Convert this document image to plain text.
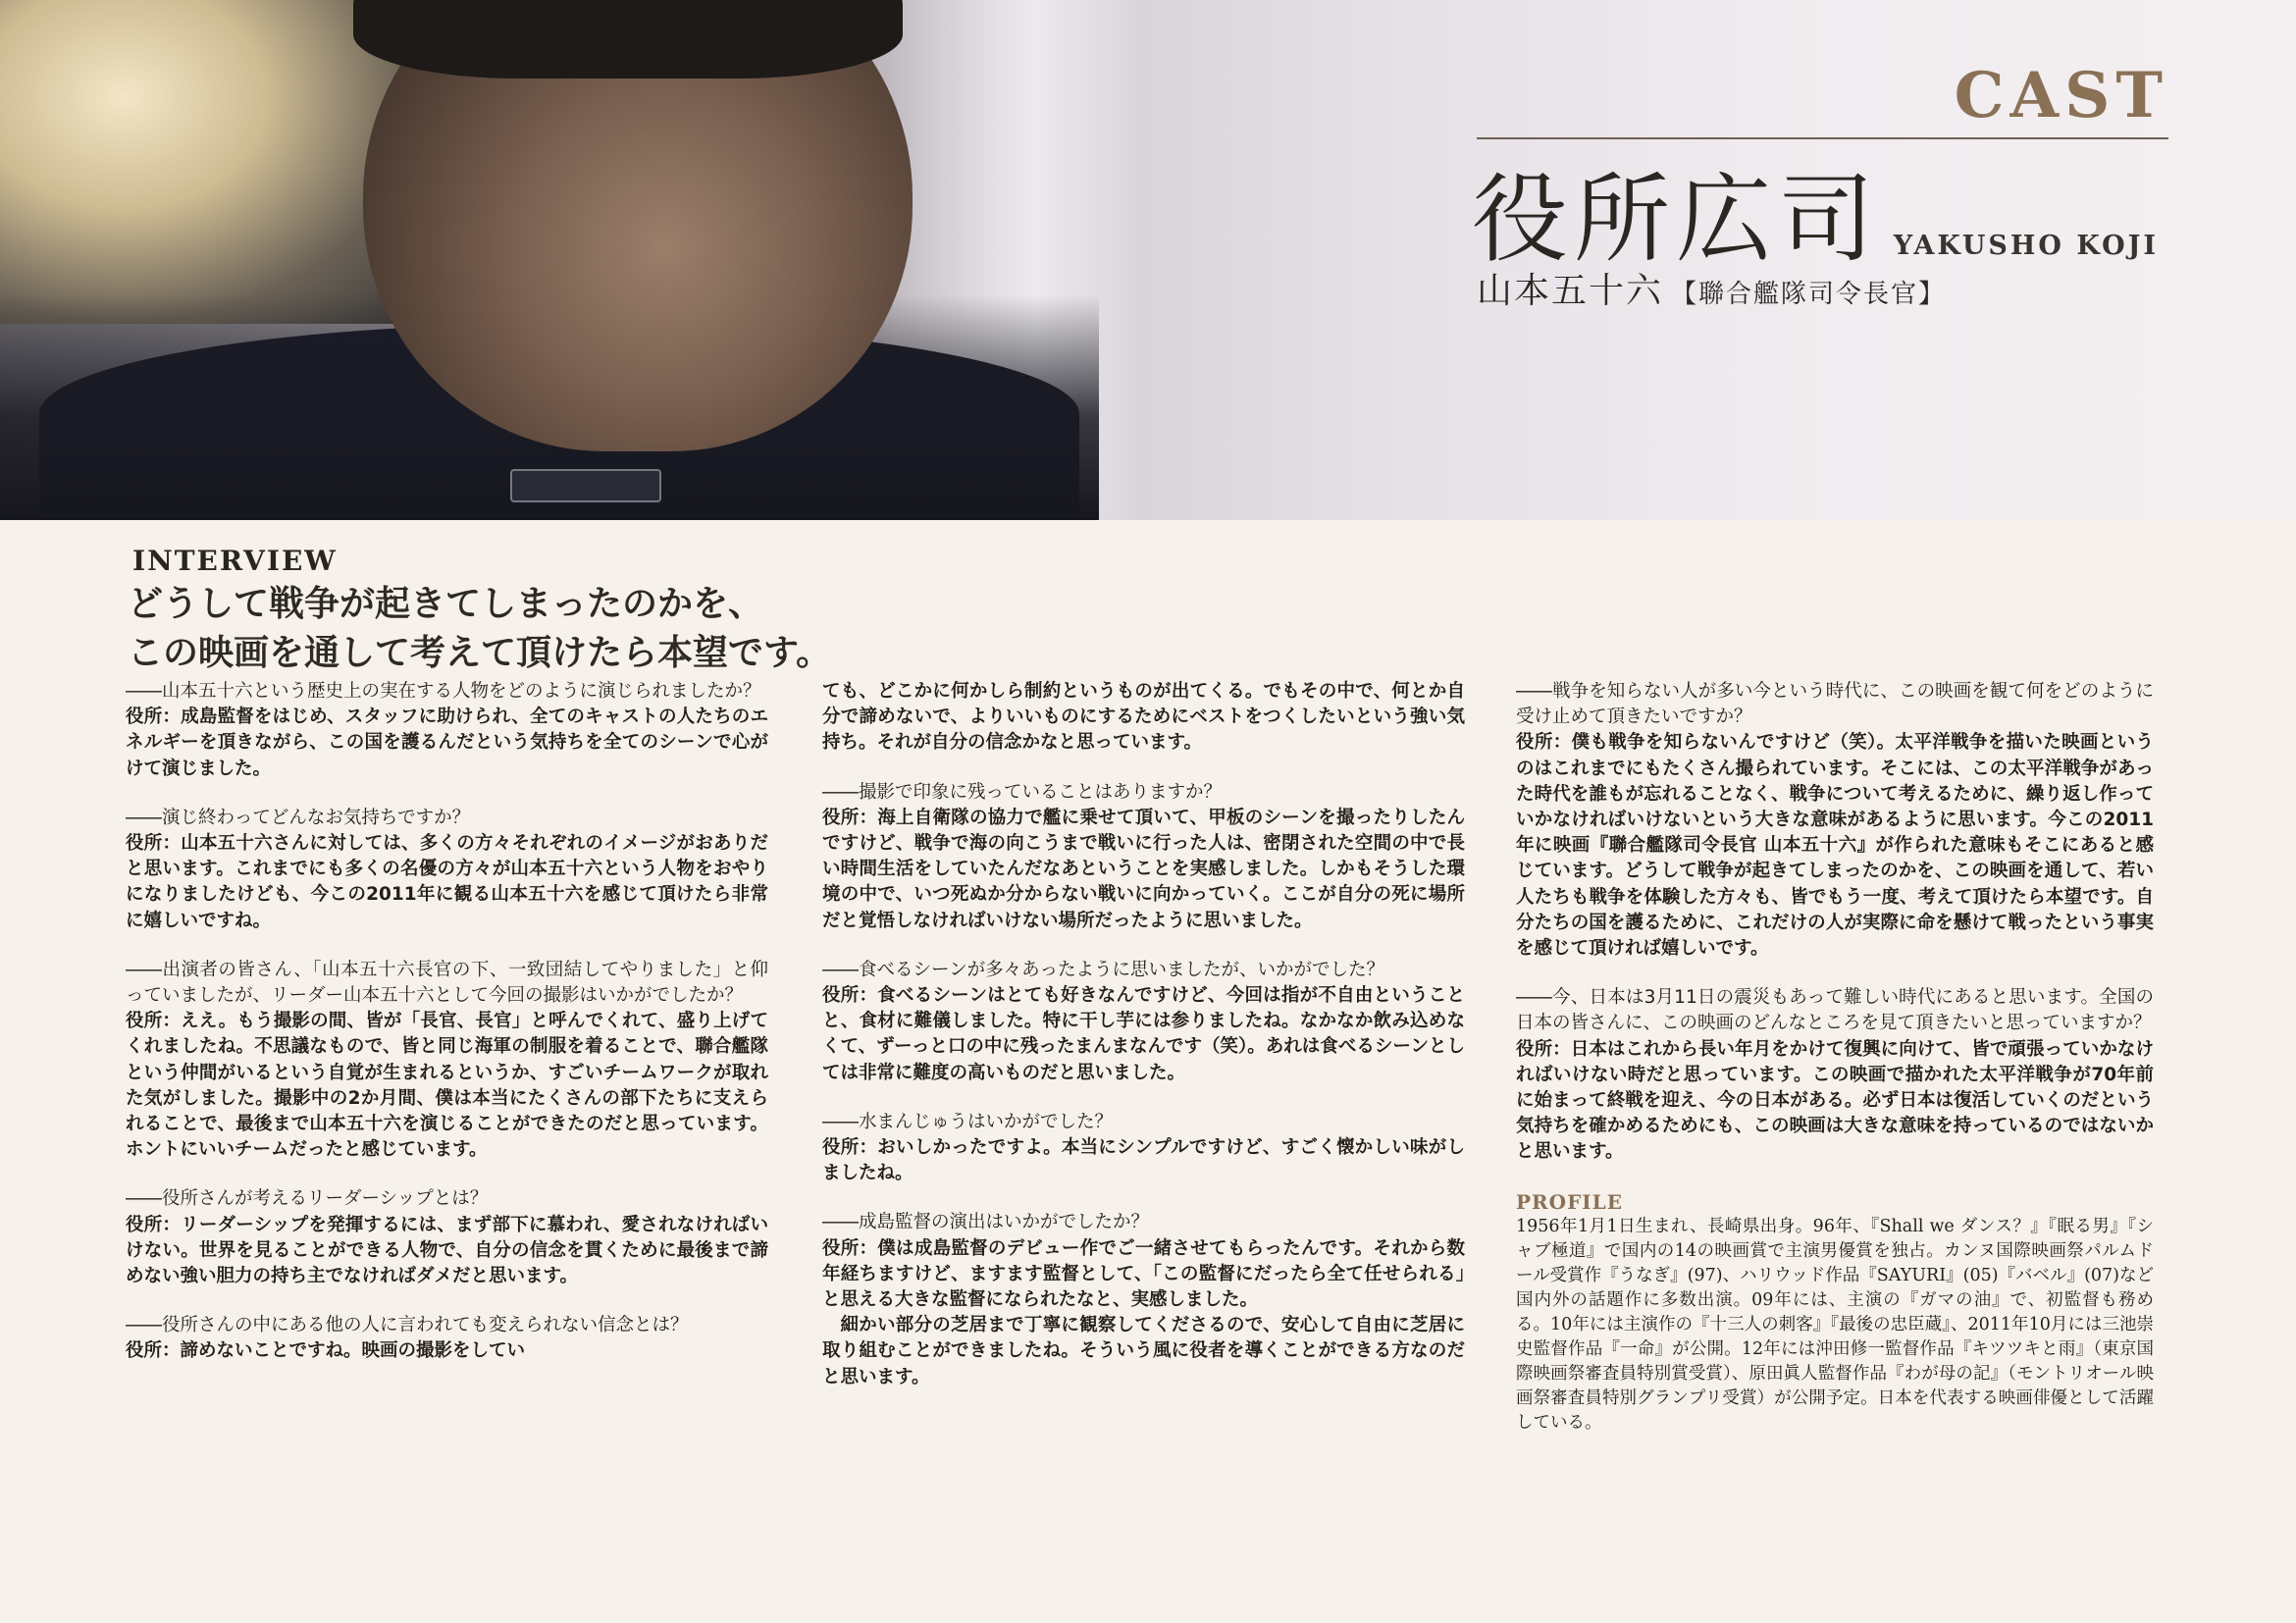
CAST
役所広司 YAKUSHO KOJI
山本五十六 【聯合艦隊司令長官】
INTERVIEW
どうして戦争が起きてしまったのかを、
この映画を通して考えて頂けたら本望です。
――山本五十六という歴史上の実在する人物をどのように演じられましたか？
役所：成島監督をはじめ、スタッフに助けられ、全てのキャストの人たちのエネルギーを頂きながら、この国を護るんだという気持ちを全てのシーンで心がけて演じました。
――演じ終わってどんなお気持ちですか？
役所：山本五十六さんに対しては、多くの方々それぞれのイメージがおありだと思います。これまでにも多くの名優の方々が山本五十六という人物をおやりになりましたけども、今この2011年に観る山本五十六を感じて頂けたら非常に嬉しいですね。
――出演者の皆さん、「山本五十六長官の下、一致団結してやりました」と仰っていましたが、リーダー山本五十六として今回の撮影はいかがでしたか？
役所：ええ。もう撮影の間、皆が「長官、長官」と呼んでくれて、盛り上げてくれましたね。不思議なもので、皆と同じ海軍の制服を着ることで、聯合艦隊という仲間がいるという自覚が生まれるというか、すごいチームワークが取れた気がしました。撮影中の2か月間、僕は本当にたくさんの部下たちに支えられることで、最後まで山本五十六を演じることができたのだと思っています。ホントにいいチームだったと感じています。
――役所さんが考えるリーダーシップとは？
役所：リーダーシップを発揮するには、まず部下に慕われ、愛されなければいけない。世界を見ることができる人物で、自分の信念を貫くために最後まで諦めない強い胆力の持ち主でなければダメだと思います。
――役所さんの中にある他の人に言われても変えられない信念とは？
役所：諦めないことですね。映画の撮影をしてい
ても、どこかに何かしら制約というものが出てくる。でもその中で、何とか自分で諦めないで、よりいいものにするためにベストをつくしたいという強い気持ち。それが自分の信念かなと思っています。
――撮影で印象に残っていることはありますか？
役所：海上自衛隊の協力で艦に乗せて頂いて、甲板のシーンを撮ったりしたんですけど、戦争で海の向こうまで戦いに行った人は、密閉された空間の中で長い時間生活をしていたんだなあということを実感しました。しかもそうした環境の中で、いつ死ぬか分からない戦いに向かっていく。ここが自分の死に場所だと覚悟しなければいけない場所だったように思いました。
――食べるシーンが多々あったように思いましたが、いかがでした？
役所：食べるシーンはとても好きなんですけど、今回は指が不自由ということと、食材に難儀しました。特に干し芋には参りましたね。なかなか飲み込めなくて、ずーっと口の中に残ったまんまなんです（笑）。あれは食べるシーンとしては非常に難度の高いものだと思いました。
――水まんじゅうはいかがでした？
役所：おいしかったですよ。本当にシンプルですけど、すごく懐かしい味がしましたね。
――成島監督の演出はいかがでしたか？
役所：僕は成島監督のデビュー作でご一緒させてもらったんです。それから数年経ちますけど、ますます監督として、「この監督にだったら全て任せられる」と思える大きな監督になられたなと、実感しました。
細かい部分の芝居まで丁寧に観察してくださるので、安心して自由に芝居に取り組むことができましたね。そういう風に役者を導くことができる方なのだと思います。
――戦争を知らない人が多い今という時代に、この映画を観て何をどのように受け止めて頂きたいですか？
役所：僕も戦争を知らないんですけど（笑）。太平洋戦争を描いた映画というのはこれまでにもたくさん撮られています。そこには、この太平洋戦争があった時代を誰もが忘れることなく、戦争について考えるために、繰り返し作っていかなければいけないという大きな意味があるように思います。今この2011年に映画『聯合艦隊司令長官 山本五十六』が作られた意味もそこにあると感じています。どうして戦争が起きてしまったのかを、この映画を通して、若い人たちも戦争を体験した方々も、皆でもう一度、考えて頂けたら本望です。自分たちの国を護るために、これだけの人が実際に命を懸けて戦ったという事実を感じて頂ければ嬉しいです。
――今、日本は3月11日の震災もあって難しい時代にあると思います。全国の日本の皆さんに、この映画のどんなところを見て頂きたいと思っていますか？
役所：日本はこれから長い年月をかけて復興に向けて、皆で頑張っていかなければいけない時だと思っています。この映画で描かれた太平洋戦争が70年前に始まって終戦を迎え、今の日本がある。必ず日本は復活していくのだという気持ちを確かめるためにも、この映画は大きな意味を持っているのではないかと思います。
PROFILE
1956年1月1日生まれ、長崎県出身。96年、『Shall we ダンス？』『眠る男』『シャブ極道』で国内の14の映画賞で主演男優賞を独占。カンヌ国際映画祭パルムドール受賞作『うなぎ』(97)、ハリウッド作品『SAYURI』(05)『バベル』(07)など国内外の話題作に多数出演。09年には、主演の『ガマの油』で、初監督も務める。10年には主演作の『十三人の刺客』『最後の忠臣蔵』、2011年10月には三池崇史監督作品『一命』が公開。12年には沖田修一監督作品『キツツキと雨』（東京国際映画祭審査員特別賞受賞）、原田眞人監督作品『わが母の記』（モントリオール映画祭審査員特別グランプリ受賞）が公開予定。日本を代表する映画俳優として活躍している。
